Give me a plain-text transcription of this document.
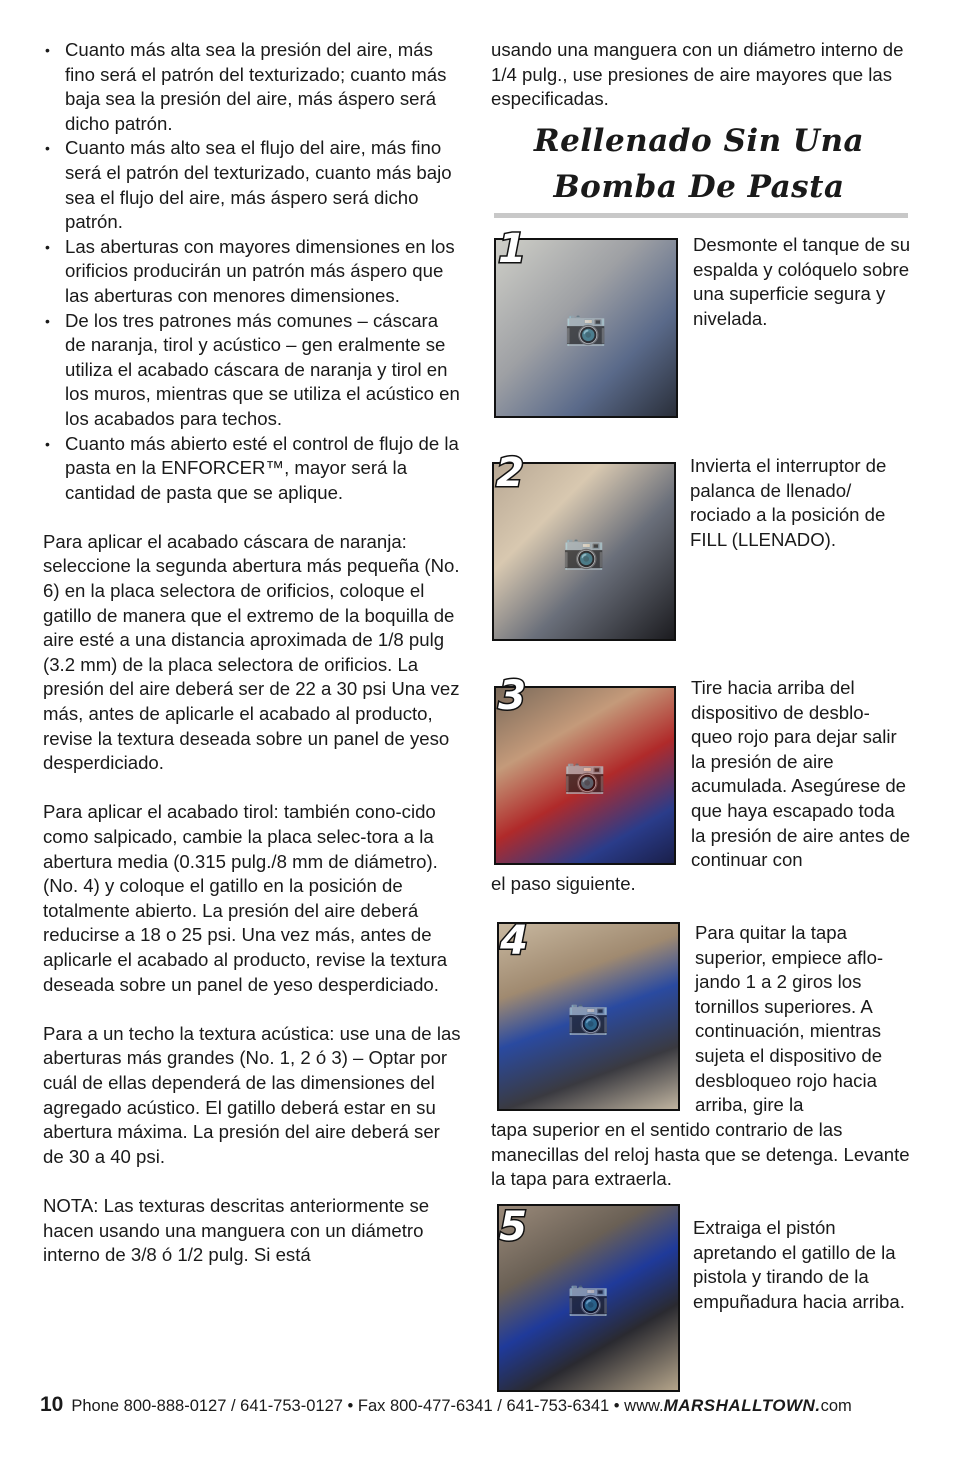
• Cuanto más alta sea la presión del aire, más fino será el patrón del texturizado; cuanto más baja sea la presión del aire, más áspero será dicho patrón.
• Cuanto más alto sea el flujo del aire, más fino será el patrón del texturizado, cuanto más bajo sea el flujo del aire, más áspero será dicho patrón.
• Las aberturas con mayores dimensiones en los orificios producirán un patrón más áspero que las aberturas con menores dimensiones.
• De los tres patrones más comunes – cáscara de naranja, tirol y acústico – gen eralmente se utiliza el acabado cáscara de naranja y tirol en los muros, mientras que se utiliza el acústico en los acabados para techos.
• Cuanto más abierto esté el control de flujo de la pasta en la ENFORCER™, mayor será la cantidad de pasta que se aplique.

Para aplicar el acabado cáscara de naranja: seleccione la segunda abertura más pequeña (No. 6) en la placa selectora de orificios, coloque el gatillo de manera que el extremo de la boquilla de aire esté a una distancia aproximada de 1/8 pulg (3.2 mm) de la placa selectora de orificios. La presión del aire deberá ser de 22 a 30 psi Una vez más, antes de aplicarle el acabado al producto, revise la textura deseada sobre un panel de yeso desperdiciado.

Para aplicar el acabado tirol: también cono-cido como salpicado, cambie la placa selec-tora a la abertura media (0.315 pulg./8 mm de diámetro). (No. 4) y coloque el gatillo en la posición de totalmente abierto. La presión del aire deberá reducirse a 18 o 25 psi. Una vez más, antes de aplicarle el acabado al producto, revise la textura deseada sobre un panel de yeso desperdiciado.

Para a un techo la textura acústica: use una de las aberturas más grandes (No. 1, 2 ó 3) – Optar por cuál de ellas dependerá de las dimensiones del agregado acústico. El gatillo deberá estar en su abertura máxima. La presión del aire deberá ser de 30 a 40 psi.

NOTA: Las texturas descritas anteriormente se hacen usando una manguera con un diámetro interno de 3/8 ó 1/2 pulg. Si está

usando una manguera con un diámetro interno de 1/4 pulg., use presiones de aire mayores que las especificadas.
Rellenado Sin Una
Bomba De Pasta
📷
1	Desmonte el tanque de su espalda y colóquelo sobre una superficie segura y nivelada.
📷
2	Invierta el interruptor de palanca de llenado/ rociado a la posición de FILL (LLENADO).
📷
3	Tire hacia arriba del dispositivo de desblo-queo rojo para dejar salir la presión de aire acumulada. Asegúrese de que haya escapado toda la presión de aire antes de continuar con
el paso siguiente.
📷
4	Para quitar la tapa superior, empiece aflo-jando 1 a 2 giros los tornillos superiores. A continuación, mientras sujeta el dispositivo de desbloqueo rojo hacia arriba, gire la
tapa superior en el sentido contrario de las manecillas del reloj hasta que se detenga. Levante la tapa para extraerla.
📷
5	Extraiga el pistón apretando el gatillo de la pistola y tirando de la empuñadura hacia arriba.
10 Phone 800-888-0127 / 641-753-0127 • Fax 800-477-6341 / 641-753-6341 • www.MARSHALLTOWN.com
